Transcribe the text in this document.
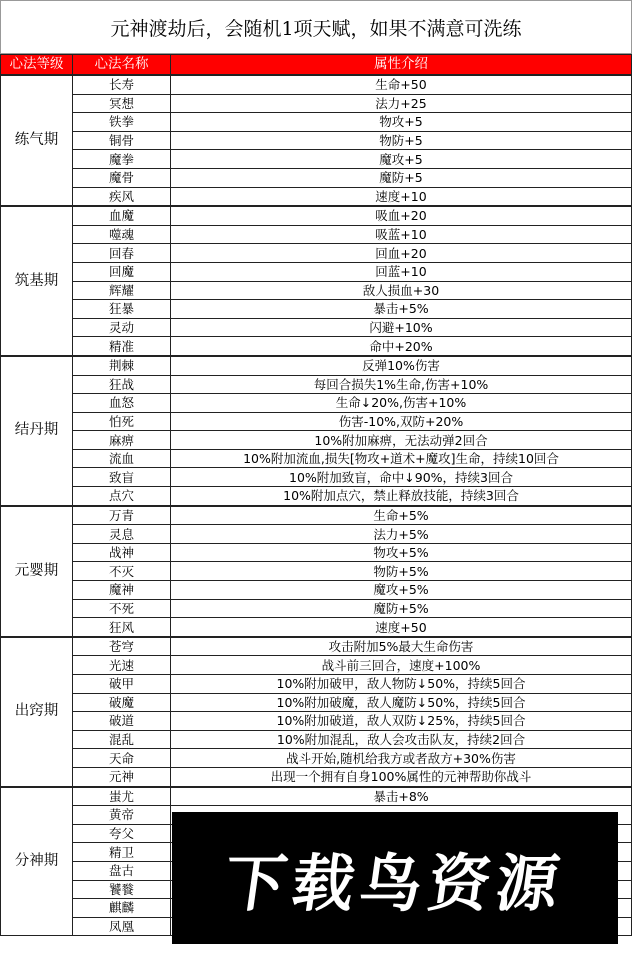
元神渡劫后，会随机1项天赋，如果不满意可洗练
心法等级	心法名称	属性介绍
练气期	长寿	生命+50
	冥想	法力+25
	铁拳	物攻+5
	铜骨	物防+5
	魔拳	魔攻+5
	魔骨	魔防+5
	疾风	速度+10
筑基期	血魔	吸血+20
	噬魂	吸蓝+10
	回春	回血+20
	回魔	回蓝+10
	辉耀	敌人损血+30
	狂暴	暴击+5%
	灵动	闪避+10%
	精准	命中+20%
结丹期	荆棘	反弹10%伤害
	狂战	每回合损失1%生命,伤害+10%
	血怒	生命↓20%,伤害+10%
	怕死	伤害-10%,双防+20%
	麻痹	10%附加麻痹，无法动弹2回合
	流血	10%附加流血,损失[物攻+道术+魔攻]生命，持续10回合
	致盲	10%附加致盲，命中↓90%，持续3回合
	点穴	10%附加点穴，禁止释放技能，持续3回合
元婴期	万青	生命+5%
	灵息	法力+5%
	战神	物攻+5%
	不灭	物防+5%
	魔神	魔攻+5%
	不死	魔防+5%
	狂风	速度+50
出窍期	苍穹	攻击附加5%最大生命伤害
	光速	战斗前三回合，速度+100%
	破甲	10%附加破甲，敌人物防↓50%，持续5回合
	破魔	10%附加破魔，敌人魔防↓50%，持续5回合
	破道	10%附加破道，敌人双防↓25%，持续5回合
	混乱	10%附加混乱，敌人会攻击队友，持续2回合
	天命	战斗开始,随机给我方或者敌方+30%伤害
	元神	出现一个拥有自身100%属性的元神帮助你战斗
分神期	蚩尤	暴击+8%
	黄帝	
	夸父	
	精卫	
	盘古	
	饕餮	
	麒麟	
	凤凰	
下载鸟资源
